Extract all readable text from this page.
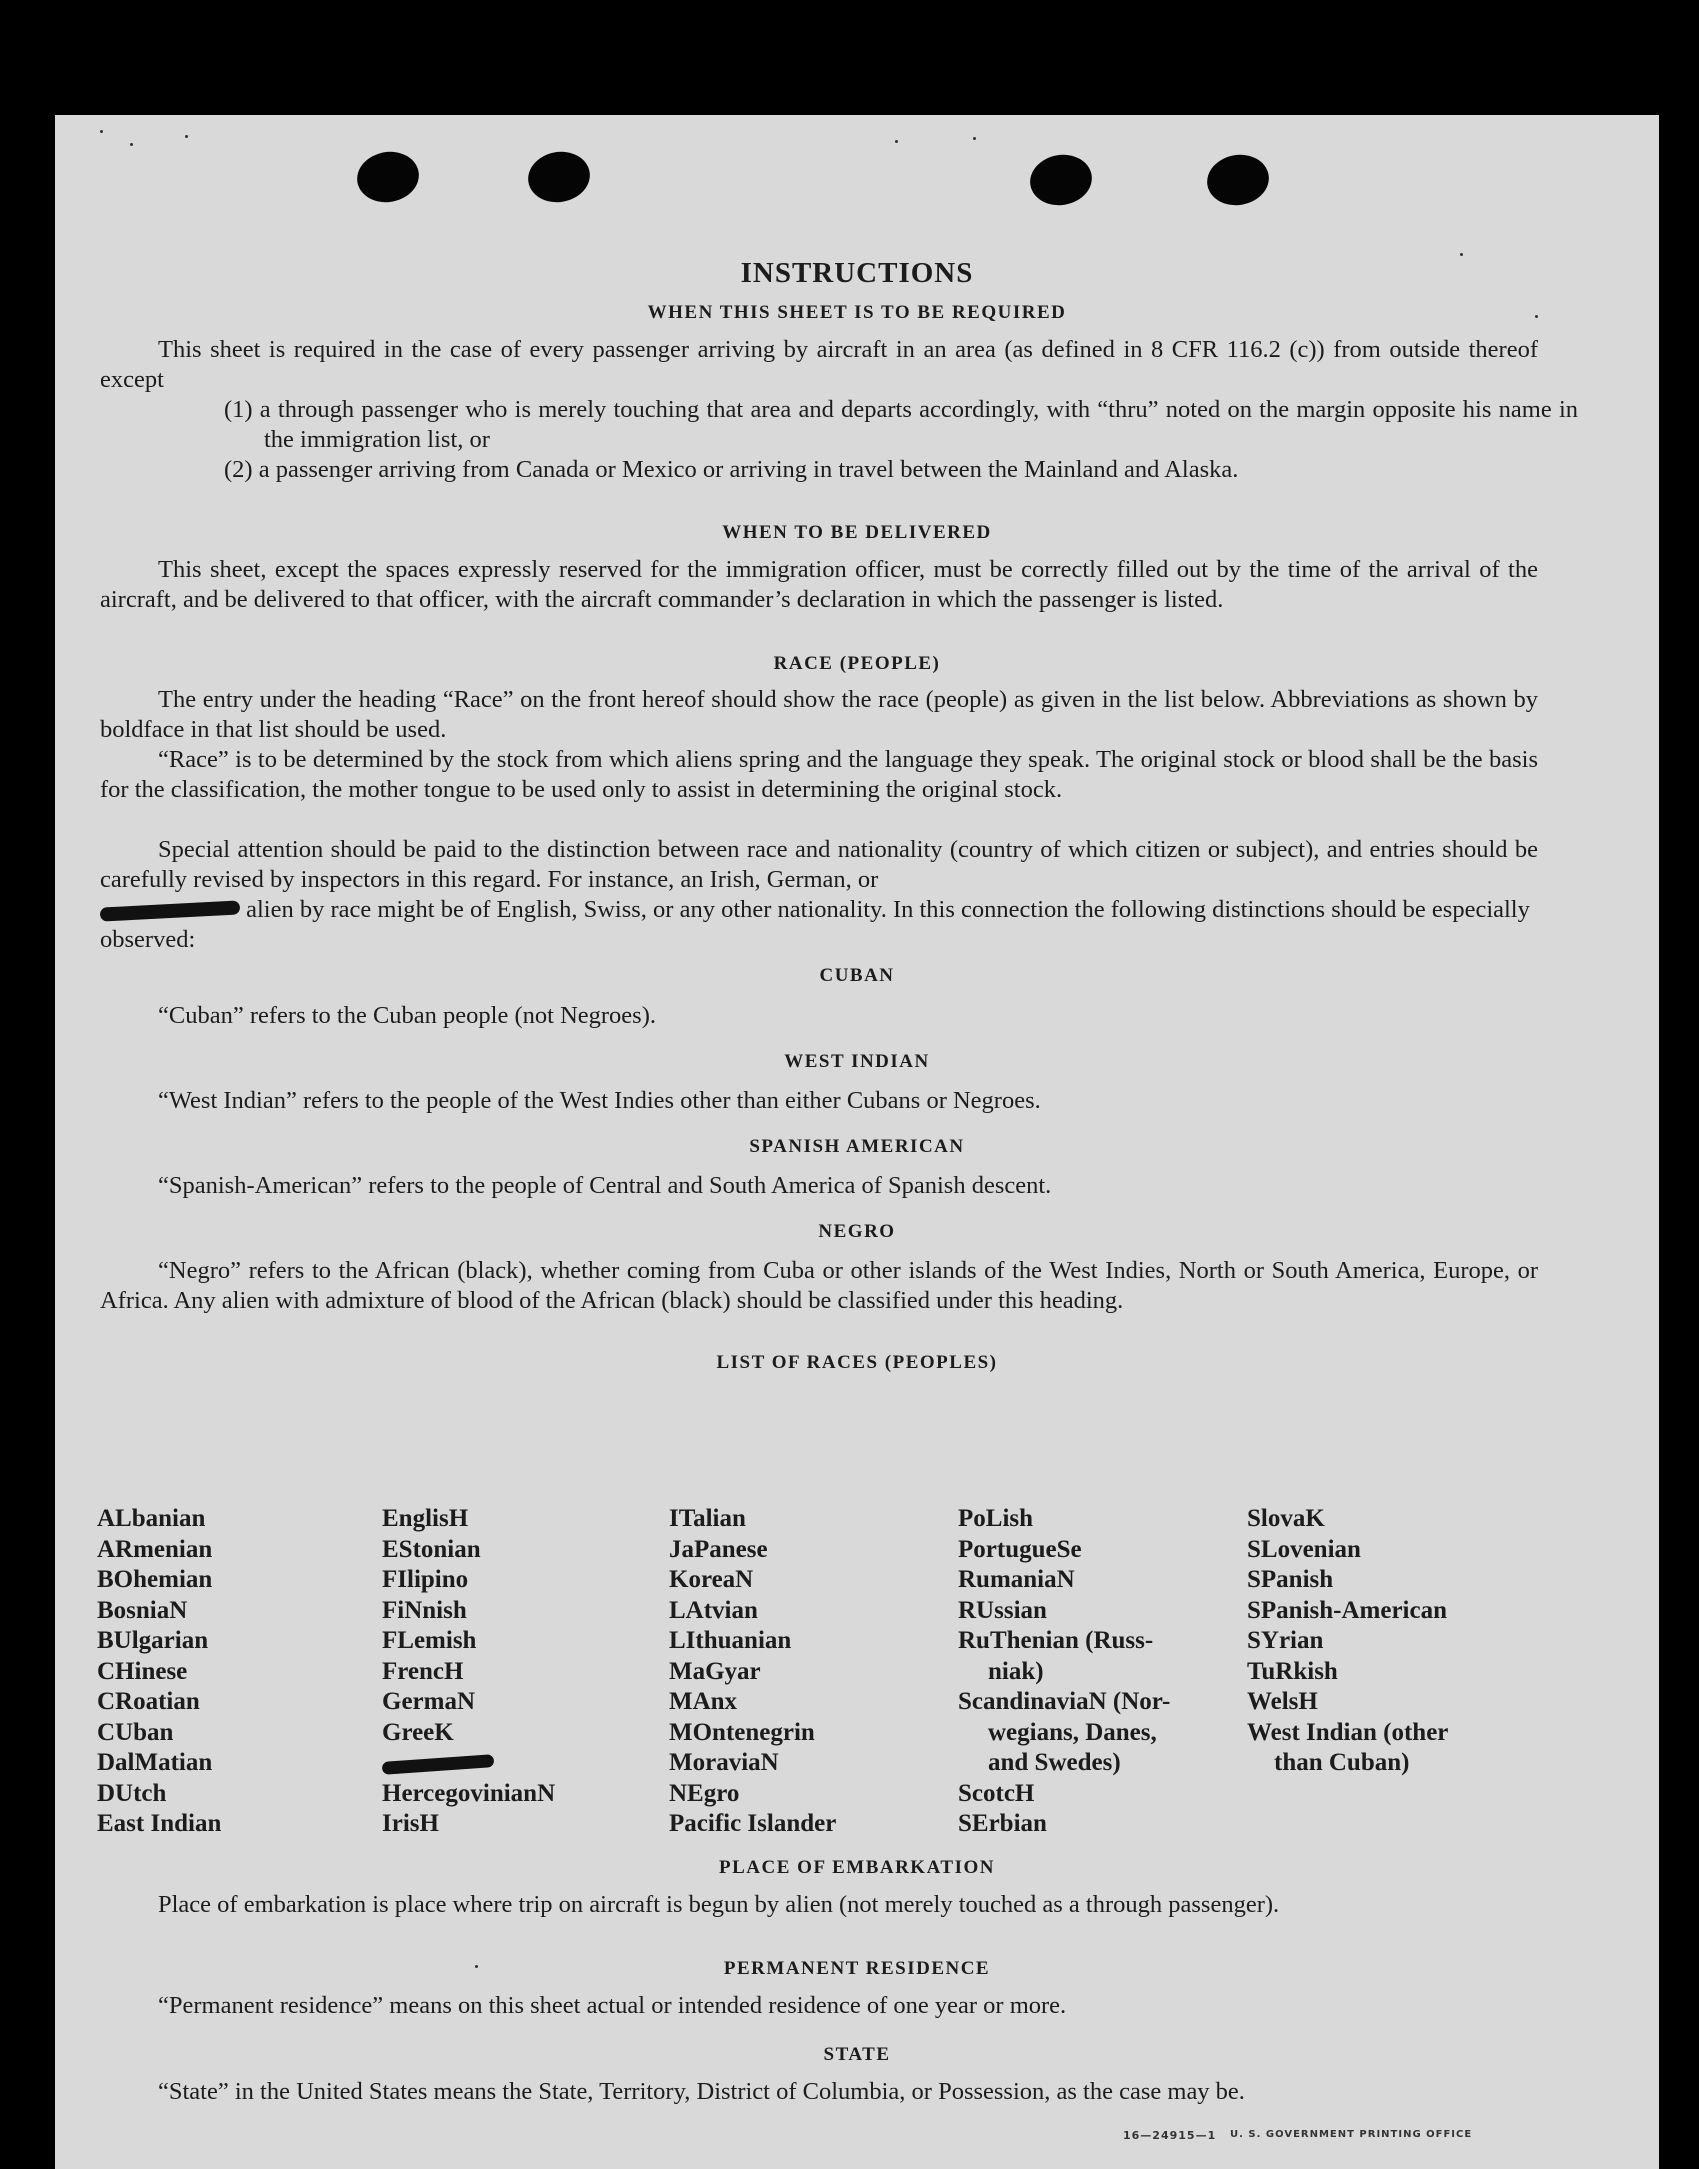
INSTRUCTIONS
WHEN THIS SHEET IS TO BE REQUIRED

This sheet is required in the case of every passenger arriving by aircraft in an area (as defined in 8 CFR 116.2 (c)) from outside thereof except

(1) a through passenger who is merely touching that area and departs accordingly, with “thru” noted on the margin opposite his name in the immigration list, or

(2) a passenger arriving from Canada or Mexico or arriving in travel between the Mainland and Alaska.

WHEN TO BE DELIVERED

This sheet, except the spaces expressly reserved for the immigration officer, must be correctly filled out by the time of the arrival of the aircraft, and be delivered to that officer, with the aircraft commander’s declaration in which the passenger is listed.

RACE (PEOPLE)

The entry under the heading “Race” on the front hereof should show the race (people) as given in the list below. Abbreviations as shown by boldface in that list should be used.

“Race” is to be determined by the stock from which aliens spring and the language they speak. The original stock or blood shall be the basis for the classification, the mother tongue to be used only to assist in determining the original stock.

Special attention should be paid to the distinction between race and nationality (country of which citizen or subject), and entries should be carefully revised by inspectors in this regard. For instance, an Irish, German, or

alien by race might be of English, Swiss, or any other nationality. In this connection the following distinctions should be especially observed:

CUBAN

“Cuban” refers to the Cuban people (not Negroes).

WEST INDIAN

“West Indian” refers to the people of the West Indies other than either Cubans or Negroes.

SPANISH AMERICAN

“Spanish-American” refers to the people of Central and South America of Spanish descent.

NEGRO

“Negro” refers to the African (black), whether coming from Cuba or other islands of the West Indies, North or South America, Europe, or Africa. Any alien with admixture of blood of the African (black) should be classified under this heading.

LIST OF RACES (PEOPLES)
ALbanian
ARmenian
BOhemian
BosniaN
BUlgarian
CHinese
CRoatian
CUban
DalMatian
DUtch
East Indian
EnglisH
EStonian
FIlipino
FiNnish
FLemish
FrencH
GermaN
GreeK
HercegovinianN
IrisH
ITalian
JaPanese
KoreaN
LAtvian
LIthuanian
MaGyar
MAnx
MOntenegrin
MoraviaN
NEgro
Pacific Islander
PoLish
PortugueSe
RumaniaN
RUssian
RuThenian (Russ-
niak)
ScandinaviaN (Nor-
wegians, Danes,
and Swedes)
ScotcH
SErbian
SlovaK
SLovenian
SPanish
SPanish-American
SYrian
TuRkish
WelsH
West Indian (other
than Cuban)
PLACE OF EMBARKATION

Place of embarkation is place where trip on aircraft is begun by alien (not merely touched as a through passenger).

PERMANENT RESIDENCE

“Permanent residence” means on this sheet actual or intended residence of one year or more.

STATE

“State” in the United States means the State, Territory, District of Columbia, or Possession, as the case may be.

16—24915—1 U. S. GOVERNMENT PRINTING OFFICE
